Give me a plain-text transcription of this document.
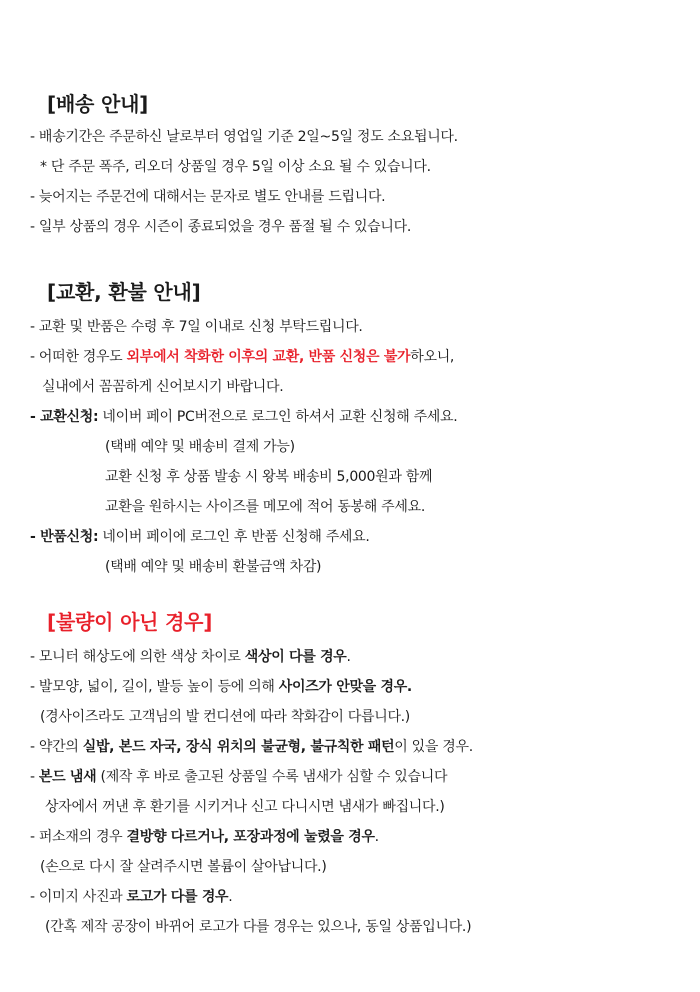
[배송 안내]
- 배송기간은 주문하신 날로부터 영업일 기준 2일~5일 정도 소요됩니다.
* 단 주문 폭주, 리오더 상품일 경우 5일 이상 소요 될 수 있습니다.
- 늦어지는 주문건에 대해서는 문자로 별도 안내를 드립니다.
- 일부 상품의 경우 시즌이 종료되었을 경우 품절 될 수 있습니다.
[교환, 환불 안내]
- 교환 및 반품은 수령 후 7일 이내로 신청 부탁드립니다.
- 어떠한 경우도 외부에서 착화한 이후의 교환, 반품 신청은 불가하오니,
실내에서 꼼꼼하게 신어보시기 바랍니다.
- 교환신청: 네이버 페이 PC버전으로 로그인 하셔서 교환 신청해 주세요.
(택배 예약 및 배송비 결제 가능)
교환 신청 후 상품 발송 시 왕복 배송비 5,000원과 함께
교환을 원하시는 사이즈를 메모에 적어 동봉해 주세요.
- 반품신청: 네이버 페이에 로그인 후 반품 신청해 주세요.
(택배 예약 및 배송비 환불금액 차감)
[불량이 아닌 경우]
- 모니터 해상도에 의한 색상 차이로 색상이 다를 경우.
- 발모양, 넓이, 길이, 발등 높이 등에 의해 사이즈가 안맞을 경우.
(경사이즈라도 고객님의 발 컨디션에 따라 착화감이 다릅니다.)
- 약간의 실밥, 본드 자국, 장식 위치의 불균형, 불규칙한 패턴이 있을 경우.
- 본드 냄새 (제작 후 바로 출고된 상품일 수록 냄새가 심할 수 있습니다
상자에서 꺼낸 후 환기를 시키거나 신고 다니시면 냄새가 빠집니다.)
- 퍼소재의 경우 결방향 다르거나, 포장과정에 눌렸을 경우.
(손으로 다시 잘 살려주시면 볼륨이 살아납니다.)
- 이미지 사진과 로고가 다를 경우.
(간혹 제작 공장이 바뀌어 로고가 다를 경우는 있으나, 동일 상품입니다.)
